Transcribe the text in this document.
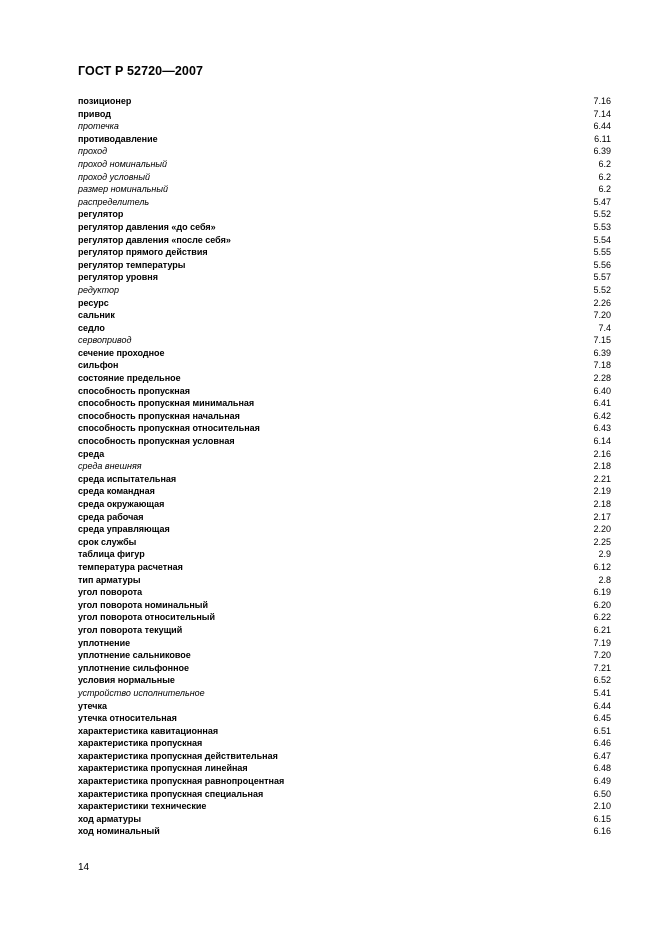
ГОСТ Р 52720—2007
позиционер	7.16
привод	7.14
протечка	6.44
противодавление	6.11
проход	6.39
проход номинальный	6.2
проход условный	6.2
размер номинальный	6.2
распределитель	5.47
регулятор	5.52
регулятор давления «до себя»	5.53
регулятор давления «после себя»	5.54
регулятор прямого действия	5.55
регулятор температуры	5.56
регулятор уровня	5.57
редуктор	5.52
ресурс	2.26
сальник	7.20
седло	7.4
сервопривод	7.15
сечение проходное	6.39
сильфон	7.18
состояние предельное	2.28
способность пропускная	6.40
способность пропускная минимальная	6.41
способность пропускная начальная	6.42
способность пропускная относительная	6.43
способность пропускная условная	6.14
среда	2.16
среда внешняя	2.18
среда испытательная	2.21
среда командная	2.19
среда окружающая	2.18
среда рабочая	2.17
среда управляющая	2.20
срок службы	2.25
таблица фигур	2.9
температура расчетная	6.12
тип арматуры	2.8
угол поворота	6.19
угол поворота номинальный	6.20
угол поворота относительный	6.22
угол поворота текущий	6.21
уплотнение	7.19
уплотнение сальниковое	7.20
уплотнение сильфонное	7.21
условия нормальные	6.52
устройство исполнительное	5.41
утечка	6.44
утечка относительная	6.45
характеристика кавитационная	6.51
характеристика пропускная	6.46
характеристика пропускная действительная	6.47
характеристика пропускная линейная	6.48
характеристика пропускная равнопроцентная	6.49
характеристика пропускная специальная	6.50
характеристики технические	2.10
ход арматуры	6.15
ход номинальный	6.16
14
